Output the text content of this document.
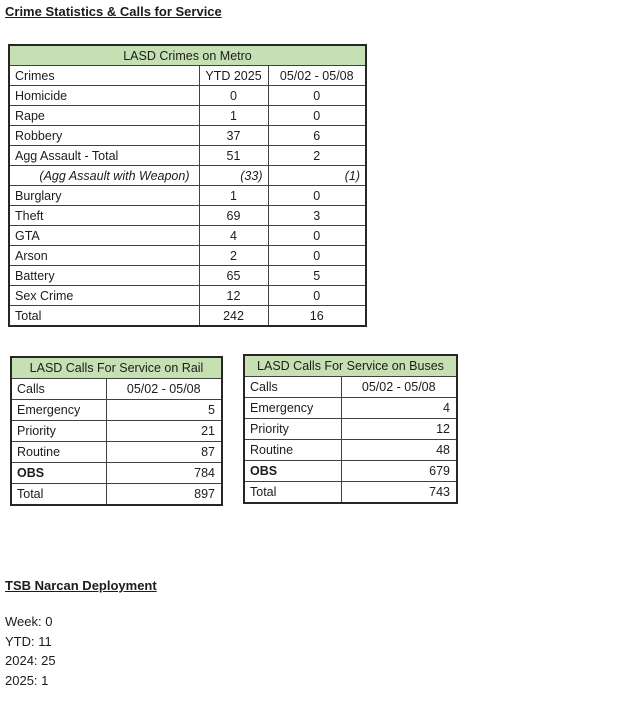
Crime Statistics & Calls for Service
LASD Crimes on Metro		
Crimes	YTD 2025	05/02 - 05/08
Homicide	0	0
Rape	1	0
Robbery	37	6
Agg Assault - Total	51	2
(Agg Assault with Weapon)	(33)	(1)
Burglary	1	0
Theft	69	3
GTA	4	0
Arson	2	0
Battery	65	5
Sex Crime	12	0
Total	242	16
LASD Calls For Service on Rail	
Calls	05/02 - 05/08
Emergency	5
Priority	21
Routine	87
OBS	784
Total	897
LASD Calls For Service on Buses	
Calls	05/02 - 05/08
Emergency	4
Priority	12
Routine	48
OBS	679
Total	743
TSB Narcan Deployment
Week: 0
YTD: 11
2024: 25
2025: 1
